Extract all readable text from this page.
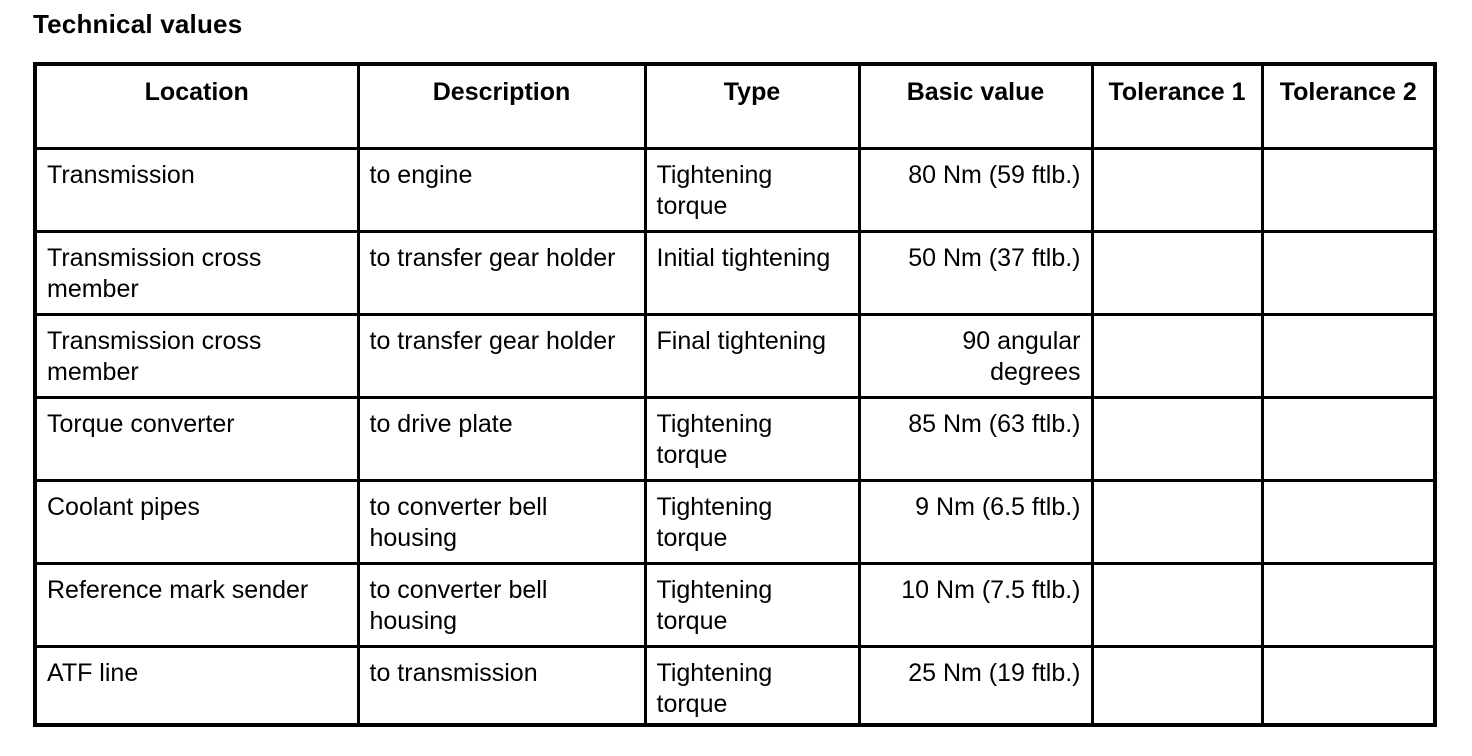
Technical values
Location	Description	Type	Basic value	Tolerance 1	Tolerance 2
Transmission	to engine	Tightening torque	80 Nm (59 ftlb.)		
Transmission cross member	to transfer gear holder	Initial tightening	50 Nm (37 ftlb.)		
Transmission cross member	to transfer gear holder	Final tightening	90 angular degrees		
Torque converter	to drive plate	Tightening torque	85 Nm (63 ftlb.)		
Coolant pipes	to converter bell housing	Tightening torque	9 Nm (6.5 ftlb.)		
Reference mark sender	to converter bell housing	Tightening torque	10 Nm (7.5 ftlb.)		
ATF line	to transmission	Tightening torque	25 Nm (19 ftlb.)		
